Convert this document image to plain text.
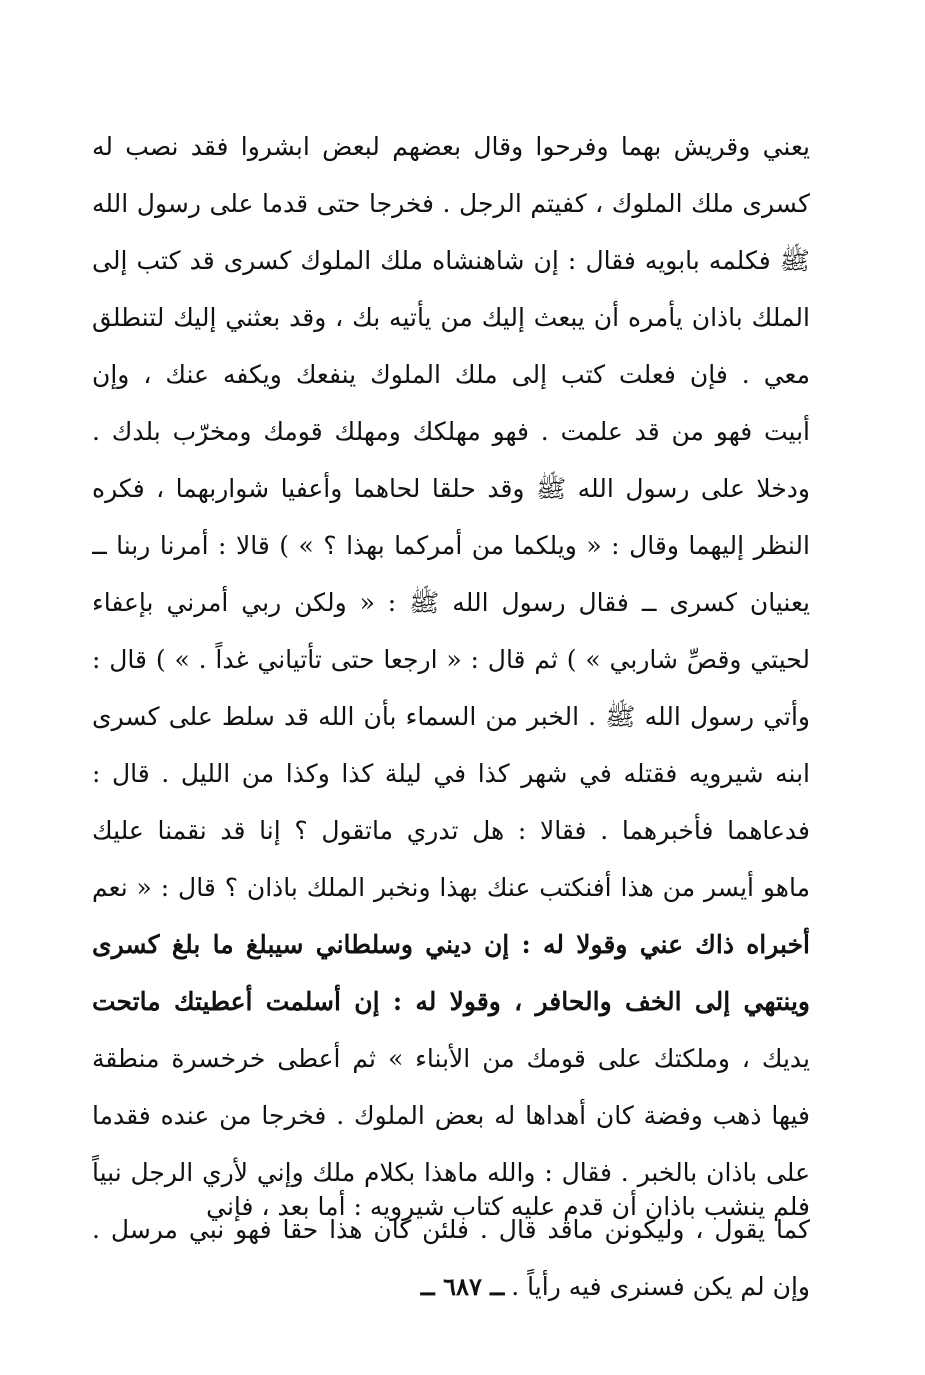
يعني وقريش بهما وفرحوا وقال بعضهم لبعض ابشروا فقد نصب له
كسرى ملك الملوك ، كفيتم الرجل . فخرجا حتى قدما على رسول الله
ﷺ فكلمه بابويه فقال : إن شاهنشاه ملك الملوك كسرى قد كتب إلى
الملك باذان يأمره أن يبعث إليك من يأتيه بك ، وقد بعثني إليك لتنطلق
معي . فإن فعلت كتب إلى ملك الملوك ينفعك ويكفه عنك ، وإن
أبيت فهو من قد علمت . فهو مهلكك ومهلك قومك ومخرّب بلدك .
ودخلا على رسول الله ﷺ وقد حلقا لحاهما وأعفيا شواربهما ، فكره
النظر إليهما وقال : « ويلكما من أمركما بهذا ؟ » ) قالا : أمرنا ربنا ــ
يعنيان كسرى ــ فقال رسول الله ﷺ : « ولكن ربي أمرني بإعفاء
لحيتي وقصِّ شاربي » ) ثم قال : « ارجعا حتى تأتياني غداً . » ) قال :
وأتي رسول الله ﷺ . الخبر من السماء بأن الله قد سلط على كسرى
ابنه شيرويه فقتله في شهر كذا في ليلة كذا وكذا من الليل . قال :
فدعاهما فأخبرهما . فقالا : هل تدري ماتقول ؟ إنا قد نقمنا عليك
ماهو أيسر من هذا أفنكتب عنك بهذا ونخبر الملك باذان ؟ قال : « نعم
أخبراه ذاك عني وقولا له : إن ديني وسلطاني سيبلغ ما بلغ كسرى
وينتهي إلى الخف والحافر ، وقولا له : إن أسلمت أعطيتك ماتحت
يديك ، وملكتك على قومك من الأبناء » ثم أعطى خرخسرة منطقة
فيها ذهب وفضة كان أهداها له بعض الملوك . فخرجا من عنده فقدما
على باذان بالخبر . فقال : والله ماهذا بكلام ملك وإني لأري الرجل نبياً
كما يقول ، وليكونن ماقد قال . فلئن كان هذا حقا فهو نبي مرسل .
وإن لم يكن فسنرى فيه رأياً .
فلم ينشب باذان أن قدم عليه كتاب شيرويه : أما بعد ، فإني
ــ ٦٨٧ ــ
